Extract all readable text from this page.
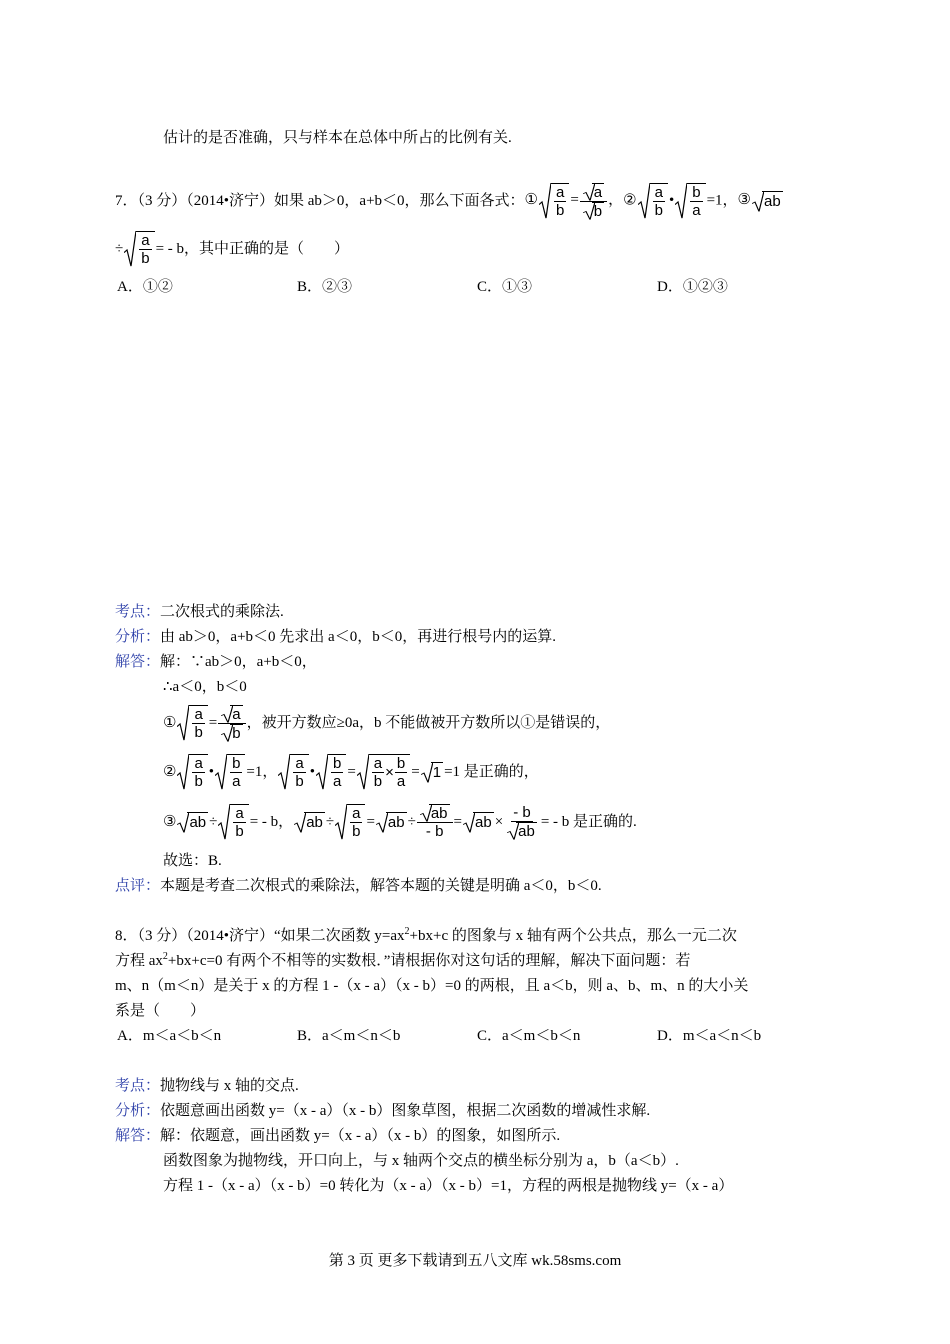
估计的是否准确，只与样本在总体中所占的比例有关.
7．（3 分）（2014•济宁）如果 ab＞0，a+b＜0，那么下面各式： ① $\frac{a}{b} = \frac{a}{b}$ ， ② $\frac{a}{b}$ • $\frac{b}{a} =1$， ③ ab
÷ $\frac{a}{b}$ = - b，其中正确的是（　　）
A．①②	B．②③	C．①③	D．①②③
考点：二次根式的乘除法.
分析：由 ab＞0，a+b＜0 先求出 a＜0，b＜0，再进行根号内的运算.
解答：解：∵ab＞0，a+b＜0，
∴a＜0，b＜0
① $\frac{a}{b} = \frac{a}{b}$ ，被开方数应≥0a，b 不能做被开方数所以①是错误的，
② $\frac{a}{b}$ • $\frac{b}{a} =1$， $\frac{a}{b}$ • $\frac{b}{a} = \frac{a}{b} \times \frac{b}{a} = 1 =1$ 是正确的，
③ ab ÷ $\frac{a}{b}$ = - b， ab ÷ $\frac{a}{b}$ = ab ÷ $\frac{ab}{- b}$ = ab × $\frac{- b}{ab}$ = - b 是正确的.
故选：B.
点评：本题是考查二次根式的乘除法，解答本题的关键是明确 a＜0，b＜0.
8．（3 分）（2014•济宁）“如果二次函数 $y=ax^2+bx+c$ 的图象与 x 轴有两个公共点，那么一元二次
方程 $ax^2+bx+c=0$ 有两个不相等的实数根．”请根据你对这句话的理解，解决下面问题：若
m、n（m＜n）是关于 x 的方程 1 -（x - a）（x - b）=0 的两根，且 a＜b，则 a、b、m、n 的大小关
系是（　　）
A．m＜a＜b＜n	B．a＜m＜n＜b	C．a＜m＜b＜n	D．m＜a＜n＜b
考点：抛物线与 x 轴的交点.
分析：依题意画出函数 y=（x - a）（x - b）图象草图，根据二次函数的增减性求解.
解答：解：依题意，画出函数 y=（x - a）（x - b）的图象，如图所示.
函数图象为抛物线，开口向上，与 x 轴两个交点的横坐标分别为 a，b（a＜b）.
方程 1 -（x - a）（x - b）=0 转化为（x - a）（x - b）=1，方程的两根是抛物线 y=（x - a）
第 3 页 更多下载请到五八文库 wk.58sms.com
